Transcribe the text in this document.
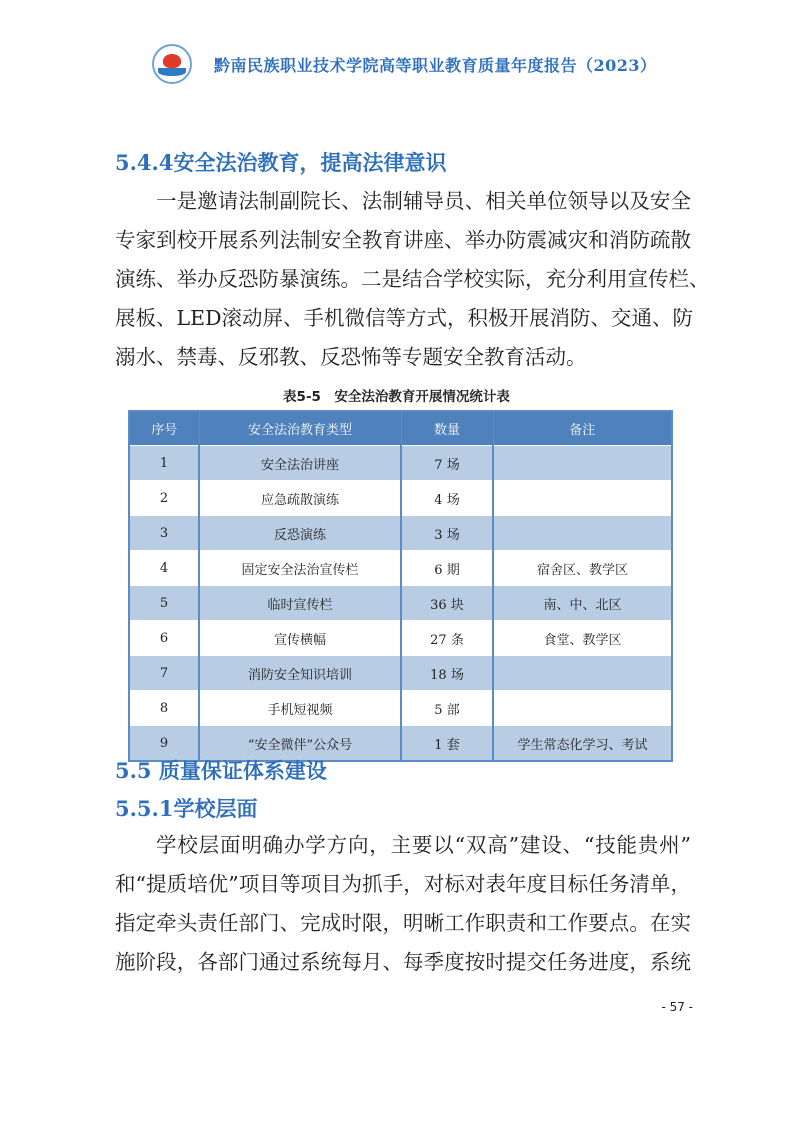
黔南民族职业技术学院高等职业教育质量年度报告（2023）
5.4.4安全法治教育，提高法律意识
一是邀请法制副院长、法制辅导员、相关单位领导以及安全
专家到校开展系列法制安全教育讲座、举办防震减灾和消防疏散
演练、举办反恐防暴演练。二是结合学校实际，充分利用宣传栏、
展板、LED滚动屏、手机微信等方式，积极开展消防、交通、防
溺水、禁毒、反邪教、反恐怖等专题安全教育活动。
表5-5　安全法治教育开展情况统计表
序号	安全法治教育类型	数量	备注
1	安全法治讲座	7 场	
2	应急疏散演练	4 场	
3	反恐演练	3 场	
4	固定安全法治宣传栏	6 期	宿舍区、教学区
5	临时宣传栏	36 块	南、中、北区
6	宣传横幅	27 条	食堂、教学区
7	消防安全知识培训	18 场	
8	手机短视频	5 部	
9	“安全微伴”公众号	1 套	学生常态化学习、考试
5.5 质量保证体系建设
5.5.1学校层面
学校层面明确办学方向，主要以“双高”建设、“技能贵州”
和“提质培优”项目等项目为抓手，对标对表年度目标任务清单，
指定牵头责任部门、完成时限，明晰工作职责和工作要点。在实
施阶段，各部门通过系统每月、每季度按时提交任务进度，系统
- 57 -
